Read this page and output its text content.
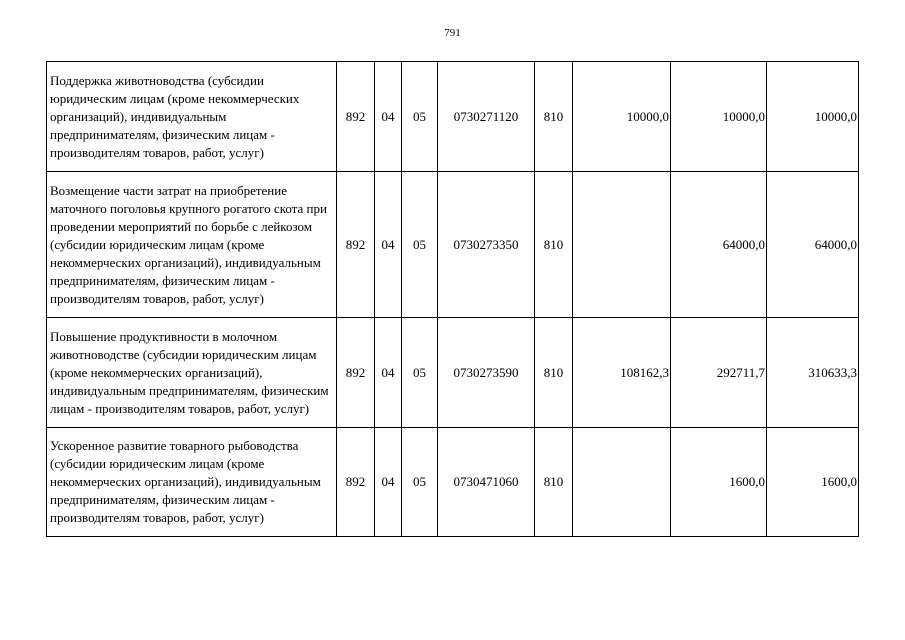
791
Поддержка животноводства (субсидии юридическим лицам (кроме некоммерческих организаций), индивидуальным предпринимателям, физическим лицам - производителям товаров, работ, услуг)	892	04	05	0730271120	810	10000,0	10000,0	10000,0
Возмещение части затрат на приобретение маточного поголовья крупного рогатого скота при проведении мероприятий по борьбе с лейкозом (субсидии юридическим лицам (кроме некоммерческих организаций), индивидуальным предпринимателям, физическим лицам - производителям товаров, работ, услуг)	892	04	05	0730273350	810		64000,0	64000,0
Повышение продуктивности в молочном животноводстве (субсидии юридическим лицам (кроме некоммерческих организаций), индивидуальным предпринимателям, физическим лицам - производителям товаров, работ, услуг)	892	04	05	0730273590	810	108162,3	292711,7	310633,3
Ускоренное развитие товарного рыбоводства (субсидии юридическим лицам (кроме некоммерческих организаций), индивидуальным предпринимателям, физическим лицам - производителям товаров, работ, услуг)	892	04	05	0730471060	810		1600,0	1600,0
